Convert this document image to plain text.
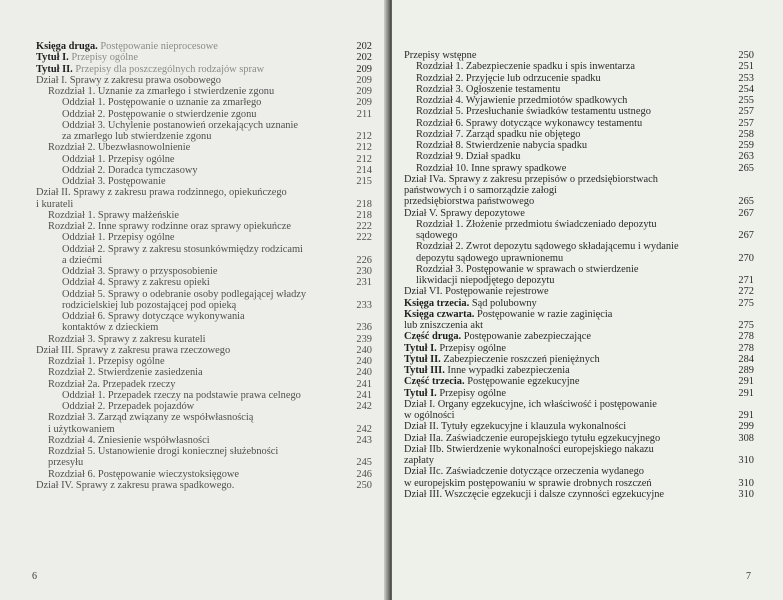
Księga druga. Postępowanie nieprocesowe	202
Tytuł I. Przepisy ogólne	202
Tytuł II. Przepisy dla poszczególnych rodzajów spraw	209
Dział I. Sprawy z zakresu prawa osobowego	209
Rozdział 1. Uznanie za zmarłego i stwierdzenie zgonu	209
Oddział 1. Postępowanie o uznanie za zmarłego	209
Oddział 2. Postępowanie o stwierdzenie zgonu	211
Oddział 3. Uchylenie postanowień orzekających uznanie
za zmarłego lub stwierdzenie zgonu	212
Rozdział 2. Ubezwłasnowolnienie	212
Oddział 1. Przepisy ogólne	212
Oddział 2. Doradca tymczasowy	214
Oddział 3. Postępowanie	215
Dział II. Sprawy z zakresu prawa rodzinnego, opiekuńczego
i kurateli	218
Rozdział 1. Sprawy małżeńskie	218
Rozdział 2. Inne sprawy rodzinne oraz sprawy opiekuńcze	222
Oddział 1. Przepisy ogólne	222
Oddział 2. Sprawy z zakresu stosunkówmiędzy rodzicami
a dziećmi	226
Oddział 3. Sprawy o przysposobienie	230
Oddział 4. Sprawy z zakresu opieki	231
Oddział 5. Sprawy o odebranie osoby podlegającej władzy
rodzicielskiej lub pozostającej pod opieką	233
Oddział 6. Sprawy dotyczące wykonywania
kontaktów z dzieckiem	236
Rozdział 3. Sprawy z zakresu kurateli	239
Dział III. Sprawy z zakresu prawa rzeczowego	240
Rozdział 1. Przepisy ogólne	240
Rozdział 2. Stwierdzenie zasiedzenia	240
Rozdział 2a. Przepadek rzeczy	241
Oddział 1. Przepadek rzeczy na podstawie prawa celnego	241
Oddział 2. Przepadek pojazdów	242
Rozdział 3. Zarząd związany ze współwłasnością
i użytkowaniem	242
Rozdział 4. Zniesienie współwłasności	243
Rozdział 5. Ustanowienie drogi koniecznej służebności
przesyłu	245
Rozdział 6. Postępowanie wieczystoksięgowe	246
Dział IV. Sprawy z zakresu prawa spadkowego.	250
6
Przepisy wstępne	250
Rozdział 1. Zabezpieczenie spadku i spis inwentarza	251
Rozdział 2. Przyjęcie lub odrzucenie spadku	253
Rozdział 3. Ogłoszenie testamentu	254
Rozdział 4. Wyjawienie przedmiotów spadkowych	255
Rozdział 5. Przesłuchanie świadków testamentu ustnego	257
Rozdział 6. Sprawy dotyczące wykonawcy testamentu	257
Rozdział 7. Zarząd spadku nie objętego	258
Rozdział 8. Stwierdzenie nabycia spadku	259
Rozdział 9. Dział spadku	263
Rozdział 10. Inne sprawy spadkowe	265
Dział IVa. Sprawy z zakresu przepisów o przedsiębiorstwach
państwowych i o samorządzie załogi
przedsiębiorstwa państwowego	265
Dział V. Sprawy depozytowe	267
Rozdział 1. Złożenie przedmiotu świadczeniado depozytu
sądowego	267
Rozdział 2. Zwrot depozytu sądowego składającemu i wydanie
depozytu sądowego uprawnionemu	270
Rozdział 3. Postępowanie w sprawach o stwierdzenie
likwidacji niepodjętego depozytu	271
Dział VI. Postępowanie rejestrowe	272
Księga trzecia. Sąd polubowny	275
Księga czwarta. Postępowanie w razie zaginięcia
lub zniszczenia akt	275
Część druga. Postępowanie zabezpieczające	278
Tytuł I. Przepisy ogólne	278
Tytuł II. Zabezpieczenie roszczeń pieniężnych	284
Tytuł III. Inne wypadki zabezpieczenia	289
Część trzecia. Postępowanie egzekucyjne	291
Tytuł I. Przepisy ogólne	291
Dział I. Organy egzekucyjne, ich właściwość i postępowanie
w ogólności	291
Dział II. Tytuły egzekucyjne i klauzula wykonalności	299
Dział IIa. Zaświadczenie europejskiego tytułu egzekucyjnego	308
Dział IIb. Stwierdzenie wykonalności europejskiego nakazu
zapłaty	310
Dział IIc. Zaświadczenie dotyczące orzeczenia wydanego
w europejskim postępowaniu w sprawie drobnych roszczeń	310
Dział III. Wszczęcie egzekucji i dalsze czynności egzekucyjne	310
7
